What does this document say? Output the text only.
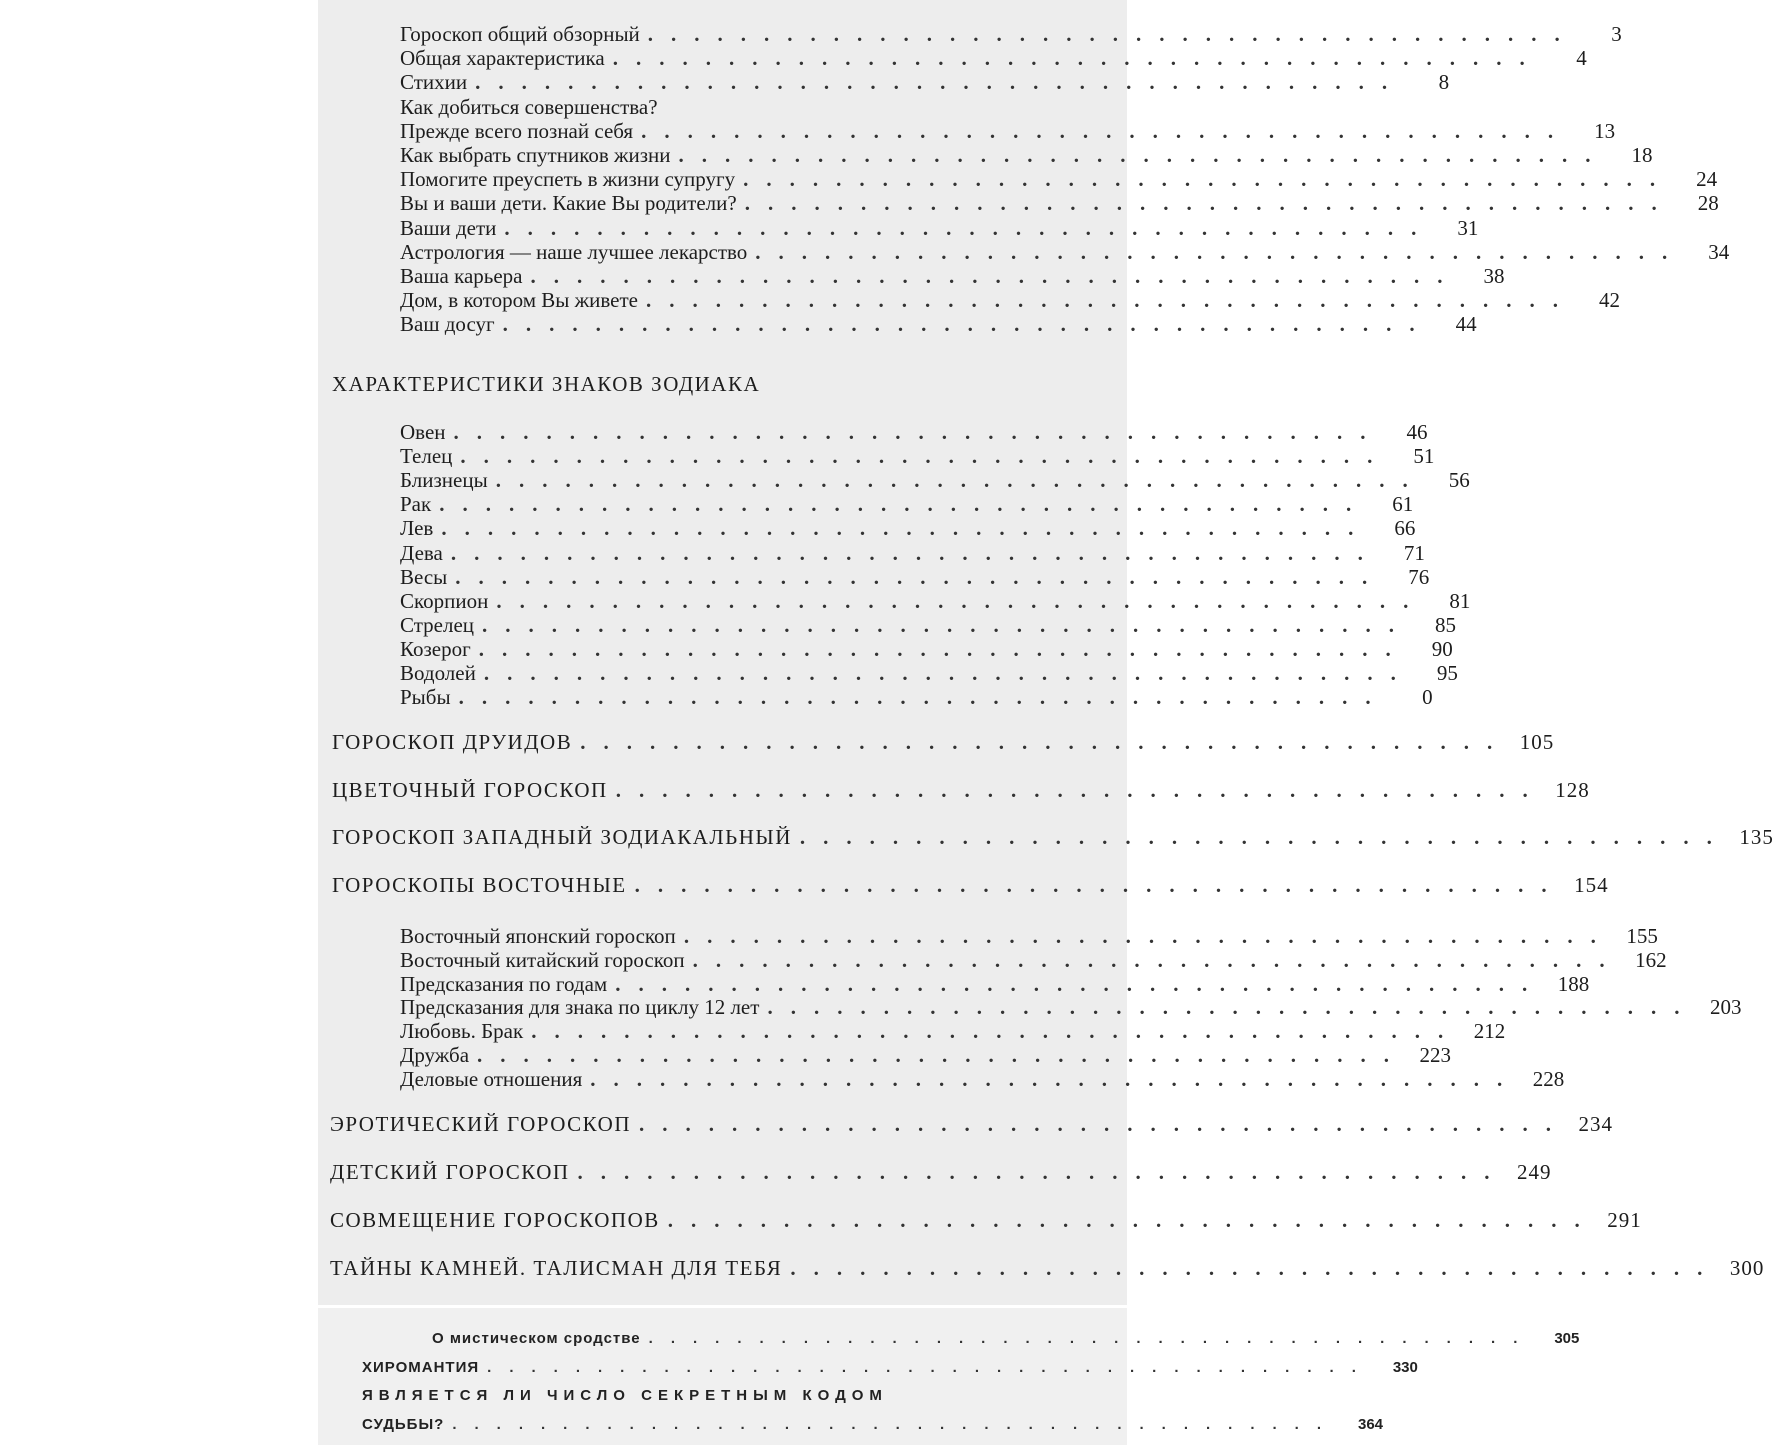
Гороскоп общий обзорный ........................................	3
Общая характеристика ........................................	4
Стихии ........................................	8
Как добиться совершенства?
Прежде всего познай себя ........................................	13
Как выбрать спутников жизни ........................................	18
Помогите преуспеть в жизни супругу ........................................	24
Вы и ваши дети. Какие Вы родители? ........................................	28
Ваши дети ........................................	31
Астрология — наше лучшее лекарство ........................................	34
Ваша карьера ........................................	38
Дом, в котором Вы живете ........................................	42
Ваш досуг ........................................	44
ХАРАКТЕРИСТИКИ ЗНАКОВ ЗОДИАКА
Овен ........................................	46
Телец ........................................	51
Близнецы ........................................	56
Рак ........................................	61
Лев ........................................	66
Дева ........................................	71
Весы ........................................	76
Скорпион ........................................	81
Стрелец ........................................	85
Козерог ........................................	90
Водолей ........................................	95
Рыбы ........................................	0
ГОРОСКОП ДРУИДОВ ........................................ 105
ЦВЕТОЧНЫЙ ГОРОСКОП ........................................ 128
ГОРОСКОП ЗАПАДНЫЙ ЗОДИАКАЛЬНЫЙ ........................................ 135
ГОРОСКОПЫ ВОСТОЧНЫЕ ........................................ 154
Восточный японский гороскоп ........................................ 155
Восточный китайский гороскоп ........................................ 162
Предсказания по годам ........................................ 188
Предсказания для знака по циклу 12 лет ........................................ 203
Любовь. Брак ........................................ 212
Дружба ........................................ 223
Деловые отношения ........................................ 228
ЭРОТИЧЕСКИЙ ГОРОСКОП ........................................ 234
ДЕТСКИЙ ГОРОСКОП ........................................ 249
СОВМЕЩЕНИЕ ГОРОСКОПОВ ........................................ 291
ТАЙНЫ КАМНЕЙ. ТАЛИСМАН ДЛЯ ТЕБЯ ........................................ 300
О мистическом сродстве ........................................	305
ХИРОМАНТИЯ ........................................	330
ЯВЛЯЕТСЯ ЛИ ЧИСЛО СЕКРЕТНЫМ КОДОМ
СУДЬБЫ? ........................................	364
